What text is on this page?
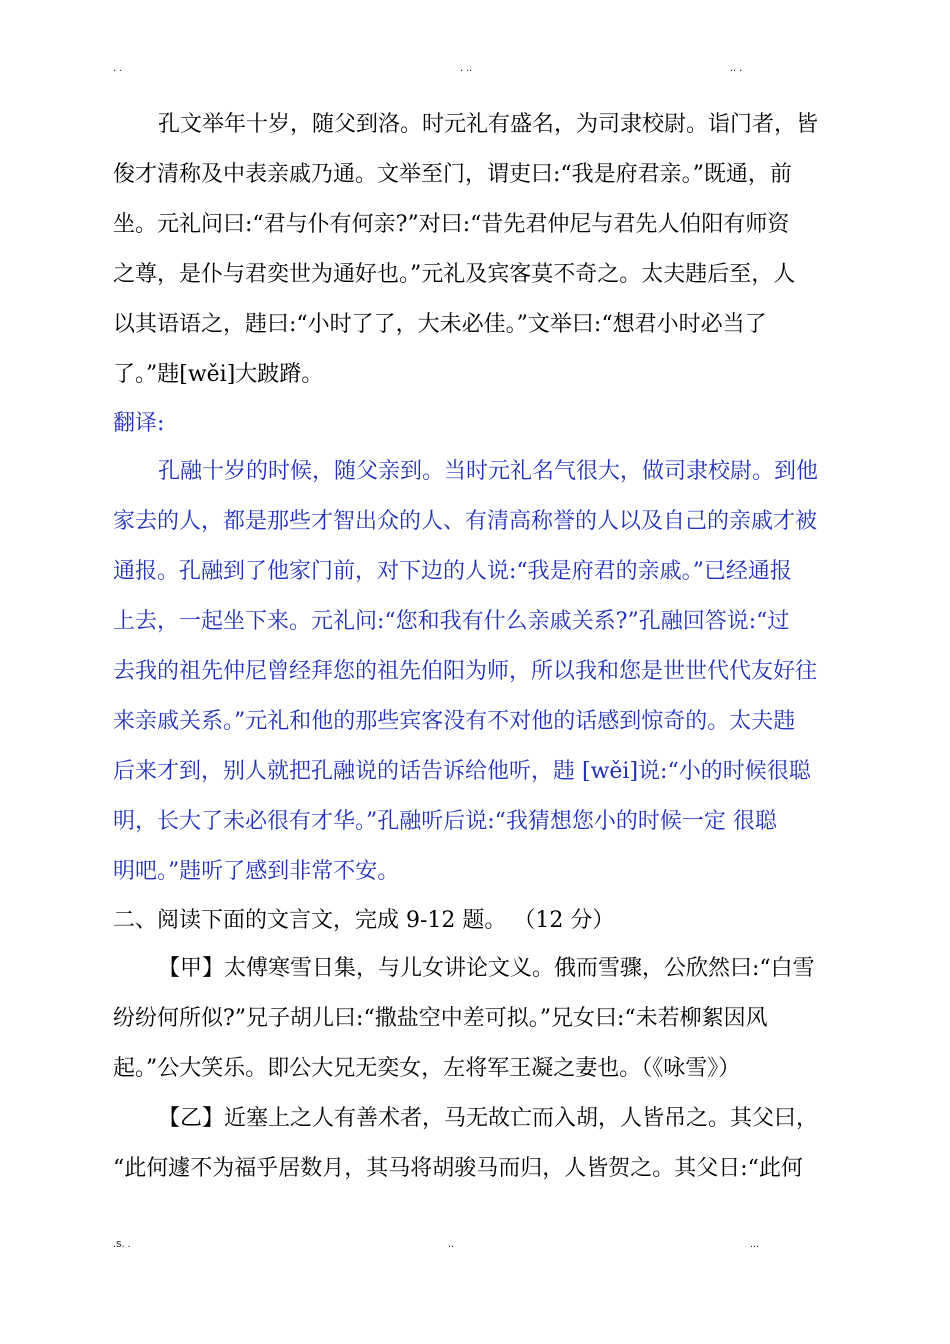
. .	. ..	.. .
孔文举年十岁，随父到洛。时元礼有盛名，为司隶校尉。诣门者，皆
俊才清称及中表亲戚乃通。文举至门，谓吏曰:“我是府君亲。”既通，前
坐。元礼问曰:“君与仆有何亲?”对曰:“昔先君仲尼与君先人伯阳有师资
之尊，是仆与君奕世为通好也。”元礼及宾客莫不奇之。太夫韪后至，人
以其语语之，韪曰:“小时了了，大未必佳。”文举曰:“想君小时必当了
了。”韪[wěi]大跛蹐。
翻译:
孔融十岁的时候，随父亲到。当时元礼名气很大，做司隶校尉。到他
家去的人，都是那些才智出众的人、有清高称誉的人以及自己的亲戚才被
通报。孔融到了他家门前，对下边的人说:“我是府君的亲戚。”已经通报
上去，一起坐下来。元礼问:“您和我有什么亲戚关系?”孔融回答说:“过
去我的祖先仲尼曾经拜您的祖先伯阳为师，所以我和您是世世代代友好往
来亲戚关系。”元礼和他的那些宾客没有不对他的话感到惊奇的。太夫韪
后来才到，别人就把孔融说的话告诉给他听，韪 [wěi]说:“小的时候很聪
明，长大了未必很有才华。”孔融听后说:“我猜想您小的时候一定 很聪
明吧。”韪听了感到非常不安。
二、阅读下面的文言文，完成 9-12 题。 （12 分）
【甲】太傅寒雪日集，与儿女讲论文义。俄而雪骤，公欣然曰:“白雪
纷纷何所似?”兄子胡儿曰:“撒盐空中差可拟。”兄女曰:“未若柳絮因风
起。”公大笑乐。即公大兄无奕女，左将军王凝之妻也。（《咏雪》）
【乙】近塞上之人有善术者，马无故亡而入胡，人皆吊之。其父曰，
“此何遽不为福乎居数月，其马将胡骏马而归，人皆贺之。其父日:“此何
.s. .	..	...
